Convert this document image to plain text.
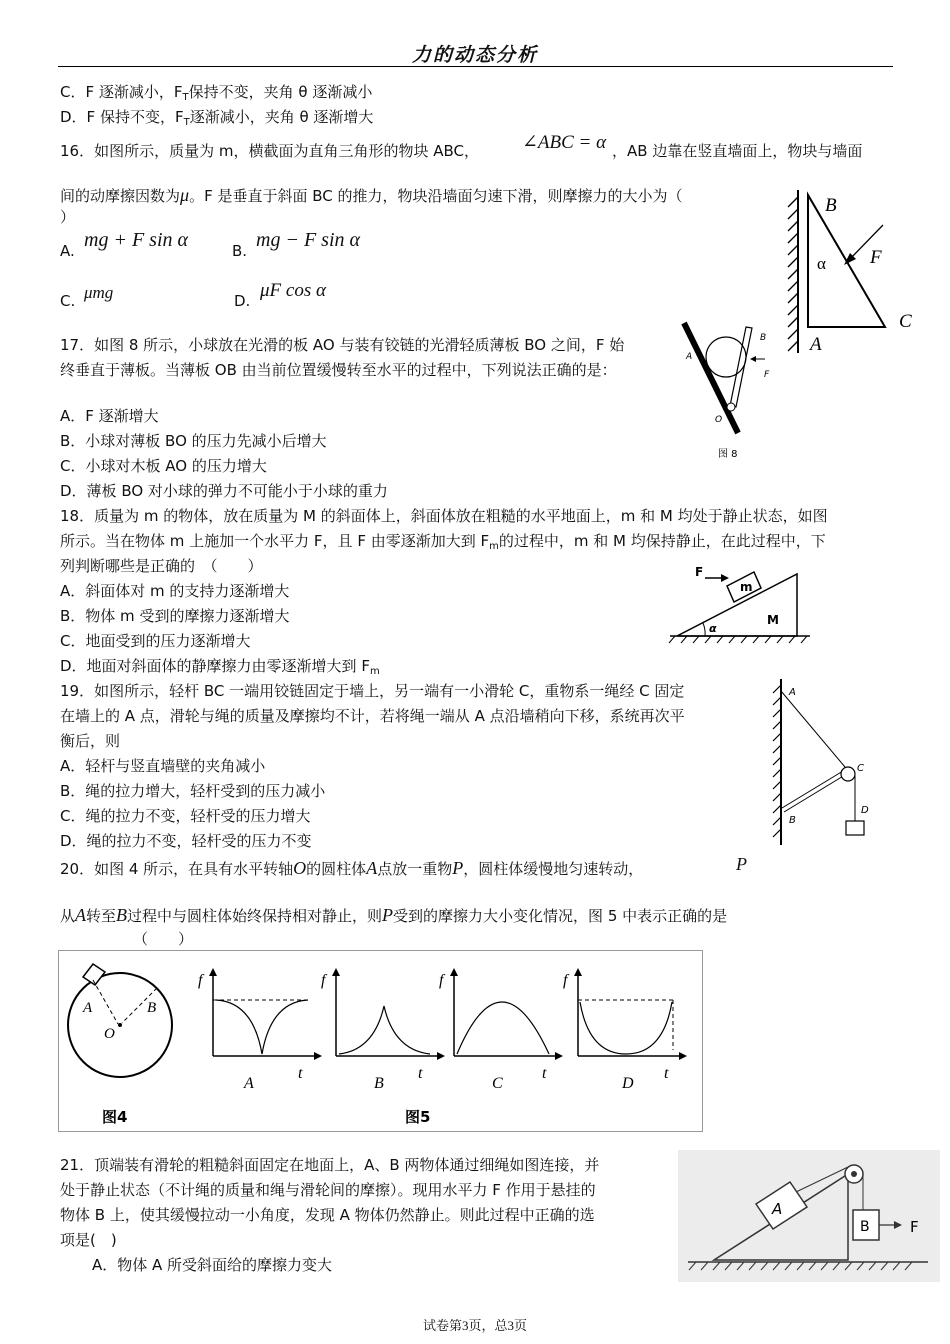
力的动态分析
C．F 逐渐减小，$F_T$保持不变，夹角 θ 逐渐减小
D．F 保持不变，$F_T$逐渐减小，夹角 θ 逐渐增大
16．如图所示，质量为 m，横截面为直角三角形的物块 ABC， ∠ABC = α ，AB 边靠在竖直墙面上，物块与墙面
间的动摩擦因数为μ。F 是垂直于斜面 BC 的推力，物块沿墙面匀速下滑，则摩擦力的大小为（
）
A. mg + F sin α	B. mg − F sin α
C. μmg	D. μF cos α
B
F
α
C
A
17．如图 8 所示，小球放在光滑的板 AO 与装有铰链的光滑轻质薄板 BO 之间，F 始
终垂直于薄板。当薄板 OB 由当前位置缓慢转至水平的过程中，下列说法正确的是：
A．F 逐渐增大
B．小球对薄板 BO 的压力先减小后增大
C．小球对木板 AO 的压力增大
D．薄板 BO 对小球的弹力不可能小于小球的重力
B
A
F
O
图 8
18．质量为 m 的物体，放在质量为 M 的斜面体上，斜面体放在粗糙的水平地面上，m 和 M 均处于静止状态，如图
所示。当在物体 m 上施加一个水平力 F，且 F 由零逐渐加大到 $F_m$的过程中，m 和 M 均保持静止，在此过程中，下
列判断哪些是正确的　（　　）
A．斜面体对 m 的支持力逐渐增大
B．物体 m 受到的摩擦力逐渐增大
C．地面受到的压力逐渐增大
D．地面对斜面体的静摩擦力由零逐渐增大到 $F_m$
F
m
M
α
19．如图所示，轻杆 BC 一端用铰链固定于墙上，另一端有一小滑轮 C，重物系一绳经 C 固定
在墙上的 A 点，滑轮与绳的质量及摩擦均不计，若将绳一端从 A 点沿墙稍向下移，系统再次平
衡后，则
A．轻杆与竖直墙壁的夹角减小
B．绳的拉力增大，轻杆受到的压力减小
C．绳的拉力不变，轻杆受的压力增大
D．绳的拉力不变，轻杆受的压力不变
A
C
D
B
20．如图 4 所示，在具有水平转轴O的圆柱体A点放一重物P，圆柱体缓慢地匀速转动，	P
从A转至B过程中与圆柱体始终保持相对静止，则P受到的摩擦力大小变化情况，图 5 中表示正确的是
（　　）
A	B
O
图4	图5
f
t
A
f
t
B
f
t
C
f
t
D
21．顶端装有滑轮的粗糙斜面固定在地面上，A、B 两物体通过细绳如图连接，并
处于静止状态（不计绳的质量和绳与滑轮间的摩擦）。现用水平力 F 作用于悬挂的
物体 B 上，使其缓慢拉动一小角度，发现 A 物体仍然静止。则此过程中正确的选
项是(　)
A．物体 A 所受斜面给的摩擦力变大
A
B	F
试卷第3页，总3页
